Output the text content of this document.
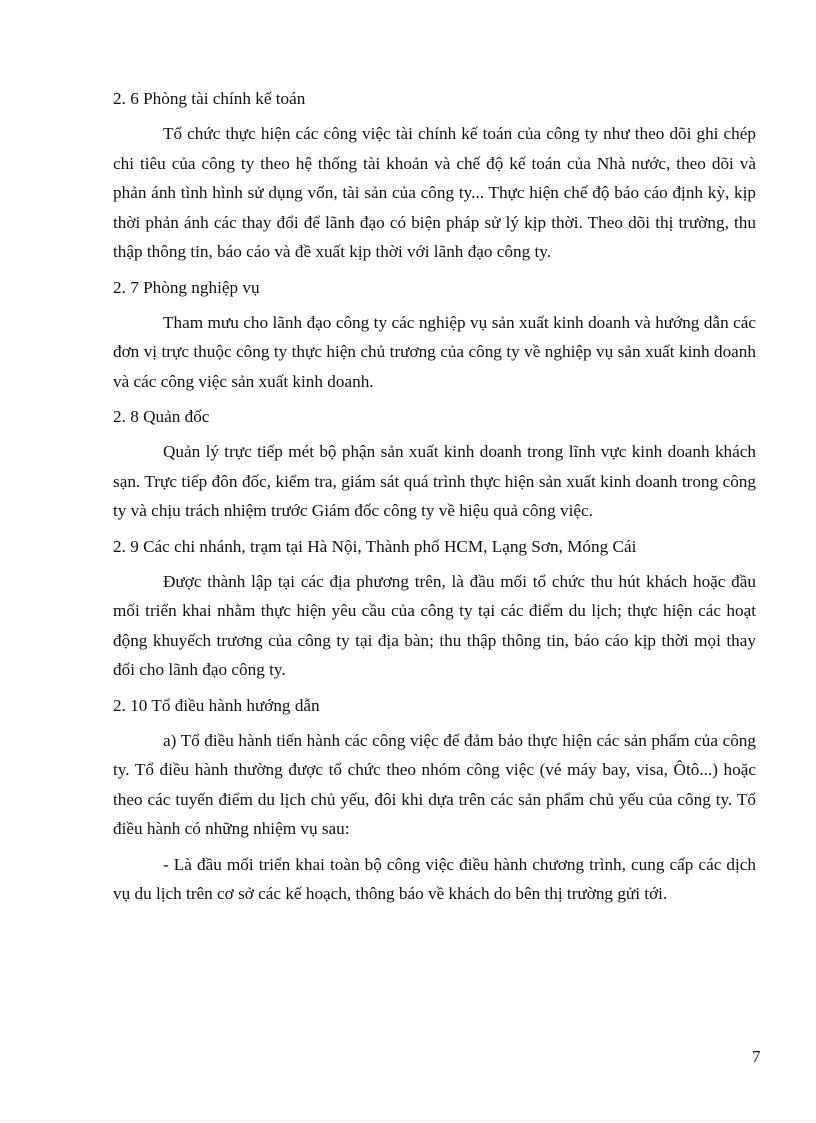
2. 6 Phòng tài chính kế toán

Tổ chức thực hiện các công việc tài chính kế toán của công ty như theo dõi ghi chép chi tiêu của công ty theo hệ thống tài khoản và chế độ kế toán của Nhà nước, theo dõi và phản ánh tình hình sử dụng vốn, tài sản của công ty... Thực hiện chế độ báo cáo định kỳ, kịp thời phản ánh các thay đổi để lãnh đạo có biện pháp sử lý kịp thời. Theo dõi thị trường, thu thập thông tin, báo cáo và đề xuất kịp thời với lãnh đạo công ty.

2. 7 Phòng nghiệp vụ

Tham mưu cho lãnh đạo công ty các nghiệp vụ sản xuất kinh doanh và hướng dẫn các đơn vị trực thuộc công ty thực hiện chủ trương của công ty về nghiệp vụ sản xuất kinh doanh và các công việc sản xuất kinh doanh.

2. 8 Quản đốc

Quản lý trực tiếp mét bộ phận sản xuất kinh doanh trong lĩnh vực kinh doanh khách sạn. Trực tiếp đôn đốc, kiểm tra, giám sát quá trình thực hiện sản xuất kinh doanh trong công ty và chịu trách nhiệm trước Giám đốc công ty về hiệu quả công việc.

2. 9 Các chi nhánh, trạm tại Hà Nội, Thành phố HCM, Lạng Sơn, Móng Cái

Được thành lập tại các địa phương trên, là đầu mối tổ chức thu hút khách hoặc đầu mối triển khai nhằm thực hiện yêu cầu của công ty tại các điểm du lịch; thực hiện các hoạt động khuyếch trương của công ty tại địa bàn; thu thập thông tin, báo cáo kịp thời mọi thay đổi cho lãnh đạo công ty.

2. 10 Tổ điều hành hướng dẫn

a) Tổ điều hành tiến hành các công việc để đảm bảo thực hiện các sản phẩm của công ty. Tổ điều hành thường được tổ chức theo nhóm công việc (vé máy bay, visa, Ôtô...) hoặc theo các tuyến điểm du lịch chủ yếu, đôi khi dựa trên các sản phẩm chủ yếu của công ty. Tổ điều hành có những nhiệm vụ sau:

- Là đầu mối triển khai toàn bộ công việc điều hành chương trình, cung cấp các dịch vụ du lịch trên cơ sở các kế hoạch, thông báo về khách do bên thị trường gửi tới.

7
